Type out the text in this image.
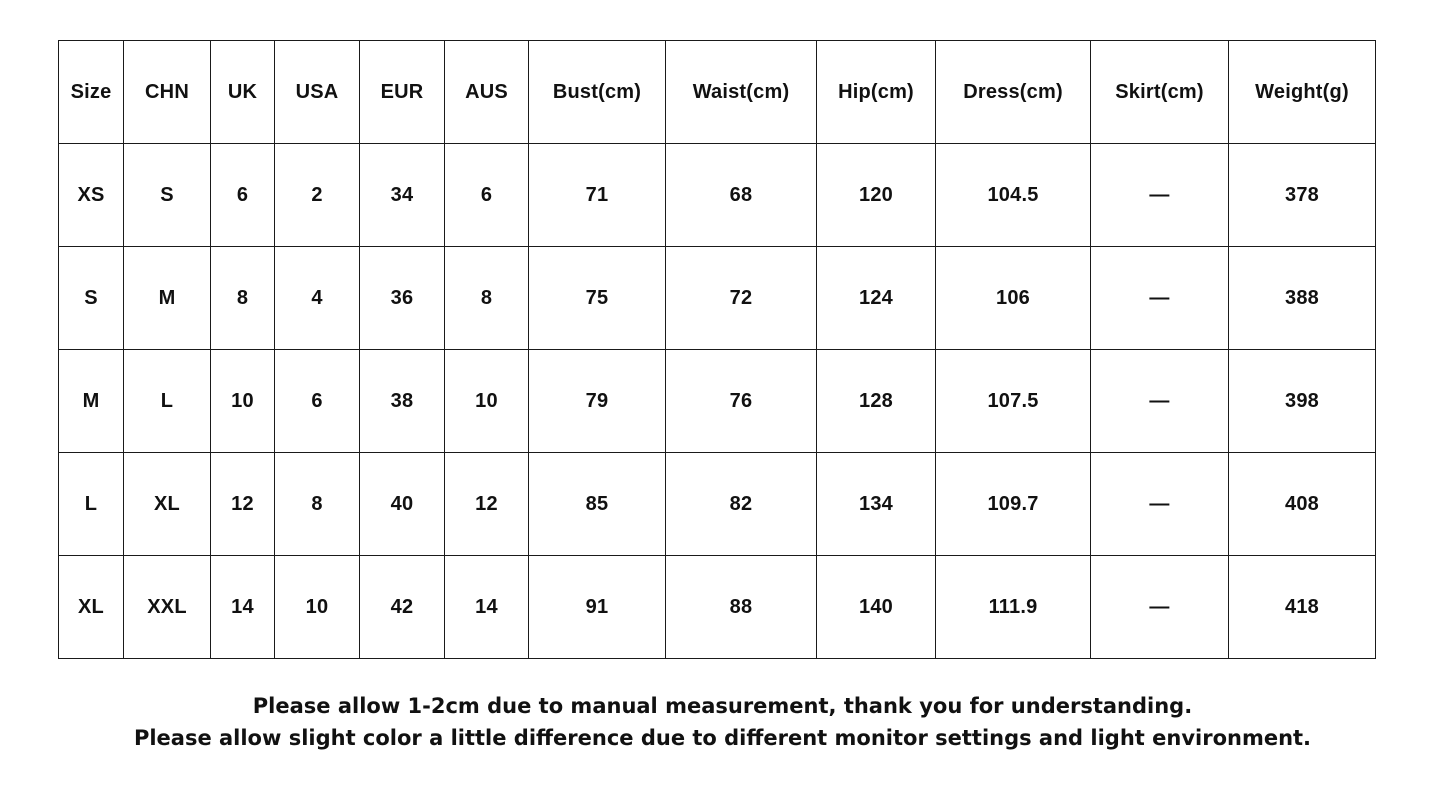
Size	CHN	UK	USA	EUR	AUS	Bust(cm)	Waist(cm)	Hip(cm)	Dress(cm)	Skirt(cm)	Weight(g)
XS	S	6	2	34	6	71	68	120	104.5	—	378
S	M	8	4	36	8	75	72	124	106	—	388
M	L	10	6	38	10	79	76	128	107.5	—	398
L	XL	12	8	40	12	85	82	134	109.7	—	408
XL	XXL	14	10	42	14	91	88	140	111.9	—	418
Please allow 1-2cm due to manual measurement, thank you for understanding.
Please allow slight color a little difference due to different monitor settings and light environment.
